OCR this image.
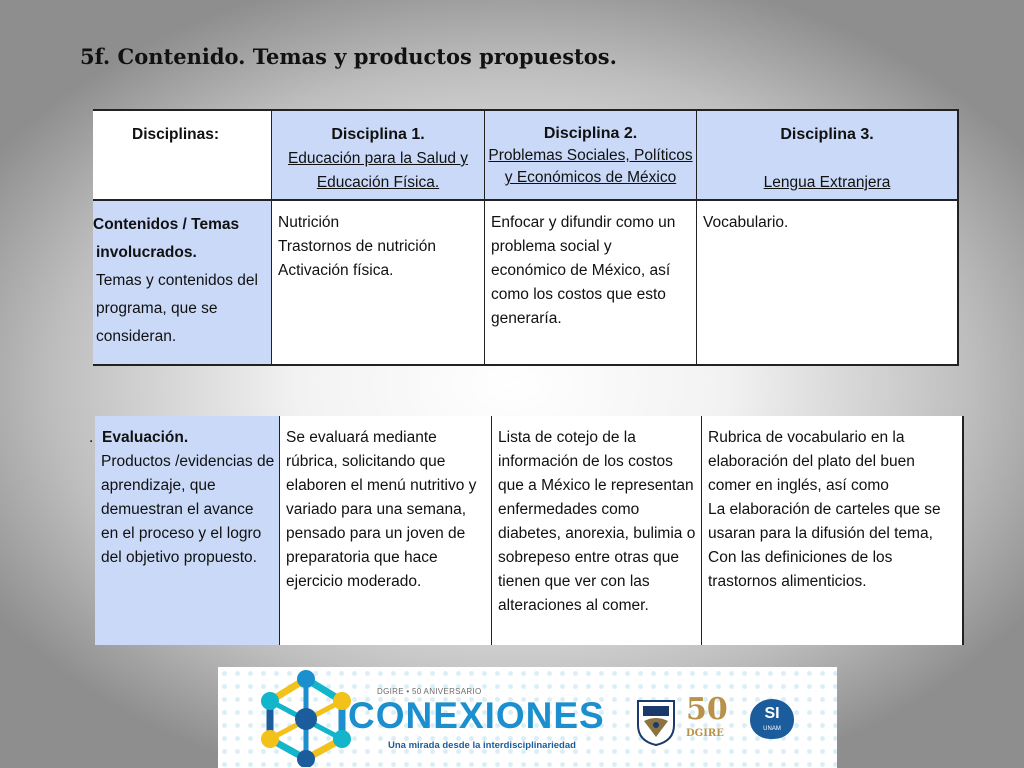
5f. Contenido. Temas y productos propuestos.
Disciplinas:	Disciplina 1.
Educación para la Salud y
Educación Física.
Disciplina 2.
Problemas Sociales, Políticos
y Económicos de México
Disciplina 3.
Lengua Extranjera
Contenidos / Temas
involucrados.
Temas y contenidos del programa, que se consideran.
Nutrición
Trastornos de nutrición
Activación física.
Enfocar y difundir como un problema social y económico de México, así como los costos que esto generaría.
Vocabulario.
. Evaluación.
Productos /evidencias de aprendizaje, que demuestran el avance en el proceso y el logro del objetivo propuesto.
Se evaluará mediante rúbrica, solicitando que elaboren el menú nutritivo y variado para una semana, pensado para un joven de preparatoria que hace ejercicio moderado.
Lista de cotejo de la información de los costos que a México le representan enfermedades como diabetes, anorexia, bulimia o sobrepeso entre otras que tienen que ver con las alteraciones al comer.
Rubrica de vocabulario en la elaboración del plato del buen comer en inglés, así como
La elaboración de carteles que se usaran para la difusión del tema,
Con las definiciones de los trastornos alimenticios.
DGIRE • 50 ANIVERSARIO
CONEXIONES
Una mirada desde la interdisciplinariedad
50
DGIRE
SI
UNAM
